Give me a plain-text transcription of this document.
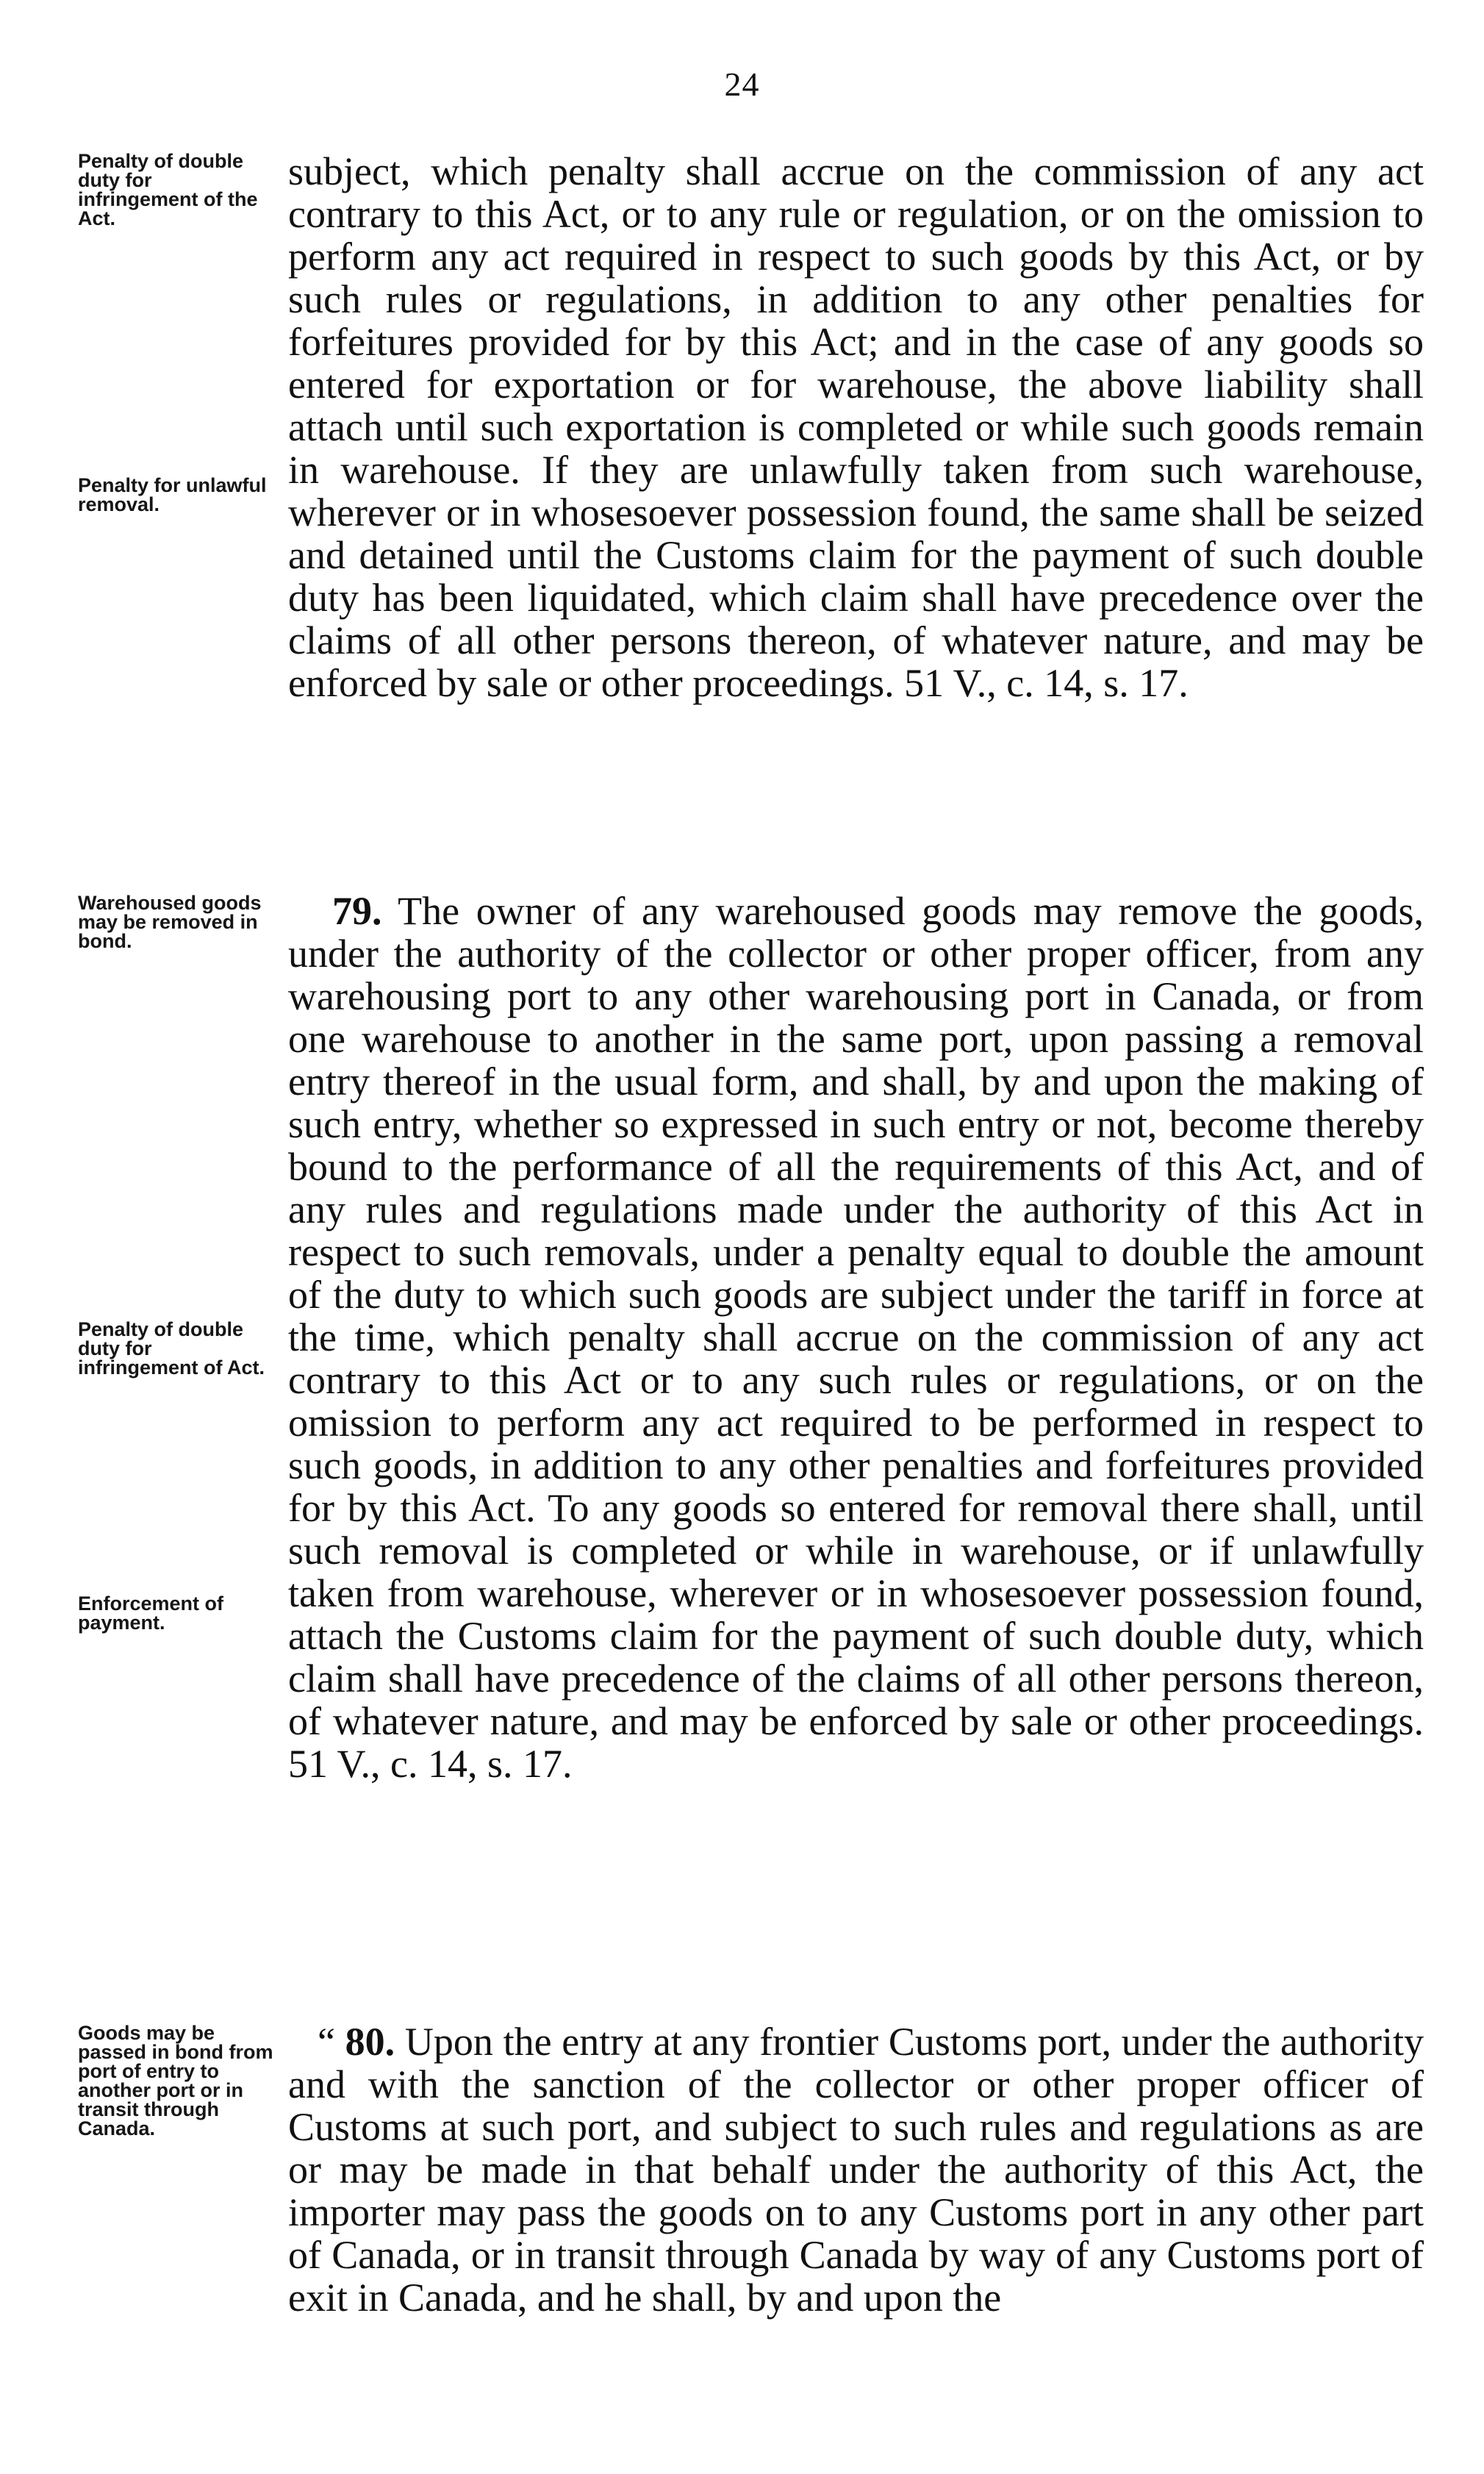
24
Penalty of double duty for infringement of the Act.
Penalty for unlawful removal.
subject, which penalty shall accrue on the commission of any act contrary to this Act, or to any rule or regulation, or on the omission to perform any act required in respect to such goods by this Act, or by such rules or regulations, in addition to any other penalties for forfeitures provided for by this Act; and in the case of any goods so entered for exportation or for warehouse, the above liability shall attach until such exportation is completed or while such goods remain in warehouse. If they are unlawfully taken from such warehouse, wherever or in whosesoever possession found, the same shall be seized and detained until the Customs claim for the payment of such double duty has been liquidated, which claim shall have precedence over the claims of all other persons thereon, of whatever nature, and may be enforced by sale or other proceedings. 51 V., c. 14, s. 17.
Warehoused goods may be removed in bond.
Penalty of double duty for infringement of Act.
Enforcement of payment.
79. The owner of any warehoused goods may remove the goods, under the authority of the collector or other proper officer, from any warehousing port to any other warehousing port in Canada, or from one warehouse to another in the same port, upon passing a removal entry thereof in the usual form, and shall, by and upon the making of such entry, whether so expressed in such entry or not, become thereby bound to the performance of all the requirements of this Act, and of any rules and regulations made under the authority of this Act in respect to such removals, under a penalty equal to double the amount of the duty to which such goods are subject under the tariff in force at the time, which penalty shall accrue on the commission of any act contrary to this Act or to any such rules or regulations, or on the omission to perform any act required to be performed in respect to such goods, in addition to any other penalties and forfeitures provided for by this Act. To any goods so entered for removal there shall, until such removal is completed or while in warehouse, or if unlawfully taken from warehouse, wherever or in whosesoever possession found, attach the Customs claim for the payment of such double duty, which claim shall have precedence of the claims of all other persons thereon, of whatever nature, and may be enforced by sale or other proceedings. 51 V., c. 14, s. 17.
Goods may be passed in bond from port of entry to another port or in transit through Canada.
“ 80. Upon the entry at any frontier Customs port, under the authority and with the sanction of the collector or other proper officer of Customs at such port, and subject to such rules and regulations as are or may be made in that behalf under the authority of this Act, the importer may pass the goods on to any Customs port in any other part of Canada, or in transit through Canada by way of any Customs port of exit in Canada, and he shall, by and upon the
